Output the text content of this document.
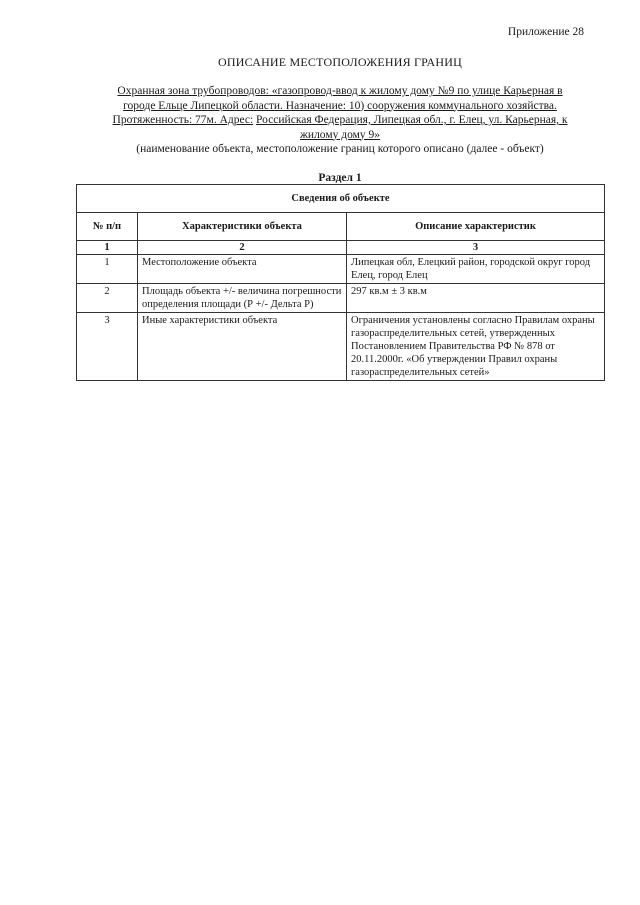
Приложение 28
ОПИСАНИЕ МЕСТОПОЛОЖЕНИЯ ГРАНИЦ
Охранная зона трубопроводов: «газопровод-ввод к жилому дому №9 по улице Карьерная в
городе Ельце Липецкой области. Назначение: 10) сооружения коммунального хозяйства.
Протяженность: 77м. Адрес: Российская Федерация, Липецкая обл., г. Елец, ул. Карьерная, к
жилому дому 9»
(наименование объекта, местоположение границ которого описано (далее - объект)
Раздел 1
Сведения об объекте		
№ п/п	Характеристики объекта	Описание характеристик
1	2	3
1	Местоположение объекта	Липецкая обл, Елецкий район, городской округ город Елец, город Елец
2	Площадь объекта +/- величина погрешности определения площади (Р +/- Дельта Р)	297 кв.м ± 3 кв.м
3	Иные характеристики объекта	Ограничения установлены согласно Правилам охраны газораспределительных сетей, утвержденных Постановлением Правительства РФ № 878 от 20.11.2000г. «Об утверждении Правил охраны газораспределительных сетей»
